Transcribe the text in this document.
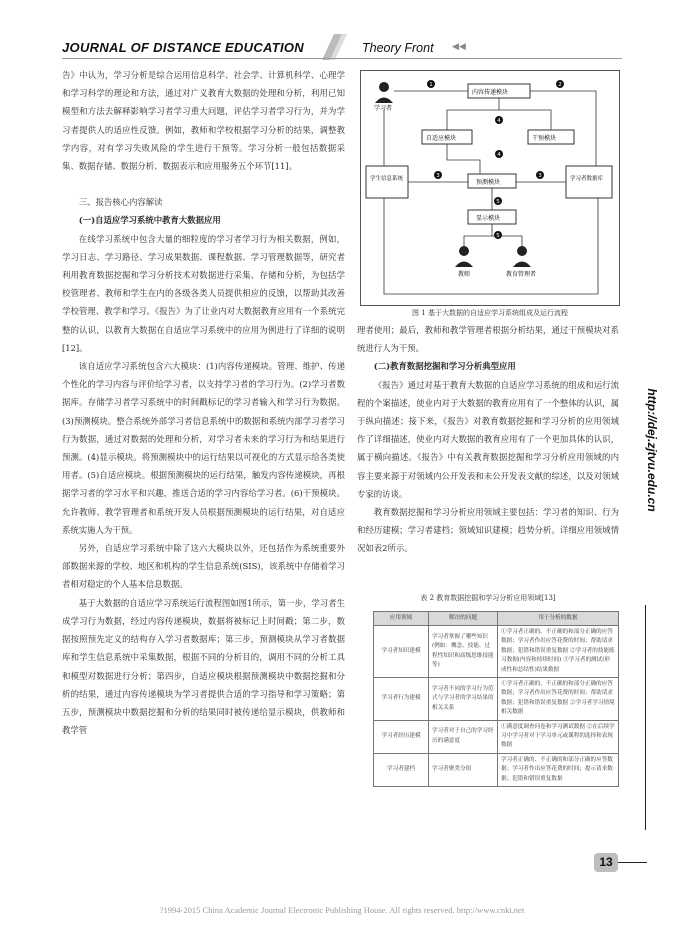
JOURNAL OF DISTANCE EDUCATION	Theory Front ◀◀

告》中认为，学习分析是综合运用信息科学、社会学、计算机科学、心理学和学习科学的理论和方法，通过对广义教育大数据的处理和分析，利用已知模型和方法去解释影响学习者学习重大问题，评估学习者学习行为，并为学习者提供人的适应性反馈。例如，教师和学校根据学习分析的结果，调整教学内容，对有学习失败风险的学生进行干预等。学习分析一般包括数据采集、数据存储、数据分析、数据表示和应用服务五个环节[11]。

三、报告核心内容解读

(一)自适应学习系统中教育大数据应用

在线学习系统中包含大量的细粒度的学习者学习行为相关数据，例如，学习日志、学习路径、学习成果数据、课程数据、学习管理数据等，研究者利用教育数据挖掘和学习分析技术对数据进行采集、存储和分析，为包括学校管理者、教师和学生在内的各级各类人员提供相应的反馈，以帮助其改善学校管理、教学和学习。《报告》为了让业内对大数据教育应用有一个系统完整的认识，以教育大数据在自适应学习系统中的应用为例进行了详细的说明[12]。

该自适应学习系统包含六大模块：(1)内容传递模块。管理、维护、传递个性化的学习内容与评价给学习者，以支持学习者的学习行为。(2)学习者数据库。存储学习者学习系统中的时间戳标记的学习者输入和学习行为数据。(3)预测模块。整合系统外部学习者信息系统中的数据和系统内部学习者学习行为数据，通过对数据的处理和分析，对学习者未来的学习行为和结果进行预测。(4)显示模块。将预测模块中的运行结果以可视化的方式显示给各类使用者。(5)自适应模块。根据预测模块的运行结果，触发内容传递模块，再根据学习者的学习水平和兴趣，推送合适的学习内容给学习者。(6)干预模块。允许教师、教学管理者和系统开发人员根据预测模块的运行结果，对自适应系统实施人为干预。

另外，自适应学习系统中除了这六大模块以外，还包括作为系统重要外部数据来源的学校、地区和机构的学生信息系统(SIS)，该系统中存储着学习者相对稳定的个人基本信息数据。

基于大数据的自适应学习系统运行流程图如图1所示，第一步，学习者生成学习行为数据，经过内容传递模块，数据将被标记上时间戳；第二步，数据按照预先定义的结构存入学习者数据库；第三步，预测模块从学习者数据库和学生信息系统中采集数据，根据不同的分析目的，调用不同的分析工具和模型对数据进行分析；第四步，自适应模块根据预测模块中数据挖掘和分析的结果，通过内容传递模块为学习者提供合适的学习指导和学习策略；第五步，预测模块中数据挖掘和分析的结果同时被传递给显示模块，供教师和教学管

学习者
内容传递模块
自适应模块	干预模块
学生信息系统	预测模块	学习者数据库
显示模块
教师	教育管理者
1	2
3	3
4
4
5
5
图 1 基于大数据的自适应学习系统组成及运行流程

理者使用；最后，教师和教学管理者根据分析结果，通过干预模块对系统进行人为干预。

(二)教育数据挖掘和学习分析典型应用

《报告》通过对基于教育大数据的自适应学习系统的组成和运行流程的个案描述，使业内对于大数据的教育应用有了一个整体的认识，属于纵向描述；接下来，《报告》对教育数据挖掘和学习分析的应用领域作了详细描述，使业内对大数据的教育应用有了一个更加具体的认识，属于横向描述。《报告》中有关教育数据挖掘和学习分析应用领域的内容主要来源于对领域内公开发表和未公开发表文献的综述，以及对领域专家的访谈。

教育数据挖掘和学习分析应用领域主要包括：学习者的知识、行为和经历建模；学习者建档；领域知识建模；趋势分析。详细应用领域情况如表2所示。

http://dej.zjtvu.edu.cn
表 2 教育数据挖掘和学习分析应用领域[13]
应用领域	解决的问题	用于分析的数据
学习者知识建模	学习者掌握了哪些知识(例如：概念、技能、过程性知识和高级思维技能等)	①学习者正确的、不正确的和部分正确的应答数据；学习者作出应答花费的时间；帮助请求数据；犯错和错误重复数据 ②学习者的技能练习数据(内容和持续时间) ③学习者的测试(形成性和总结性)结果数据
学习者行为建模	学习者不同的学习行为范式与学习者的学习结果的相关关系	①学习者正确的、不正确的和部分正确的应答数据；学习者作出应答花费的时间；帮助请求数据；犯错和错误重复数据 ②学习者学习情境相关数据
学习者经历建模	学习者对于自己的学习经历的满意度	①满意度调查问卷和学习测试数据 ②在后续学习中学习者对于学习单元或课程的选择和表现数据
学习者建档	学习者聚类分组	学习者正确的、不正确的和部分正确的应答数据；学习者作出应答花费的时间；提示请求数据；犯错和错误重复数据
13
?1994-2015 China Academic Journal Electronic Publishing House. All rights reserved. http://www.cnki.net
